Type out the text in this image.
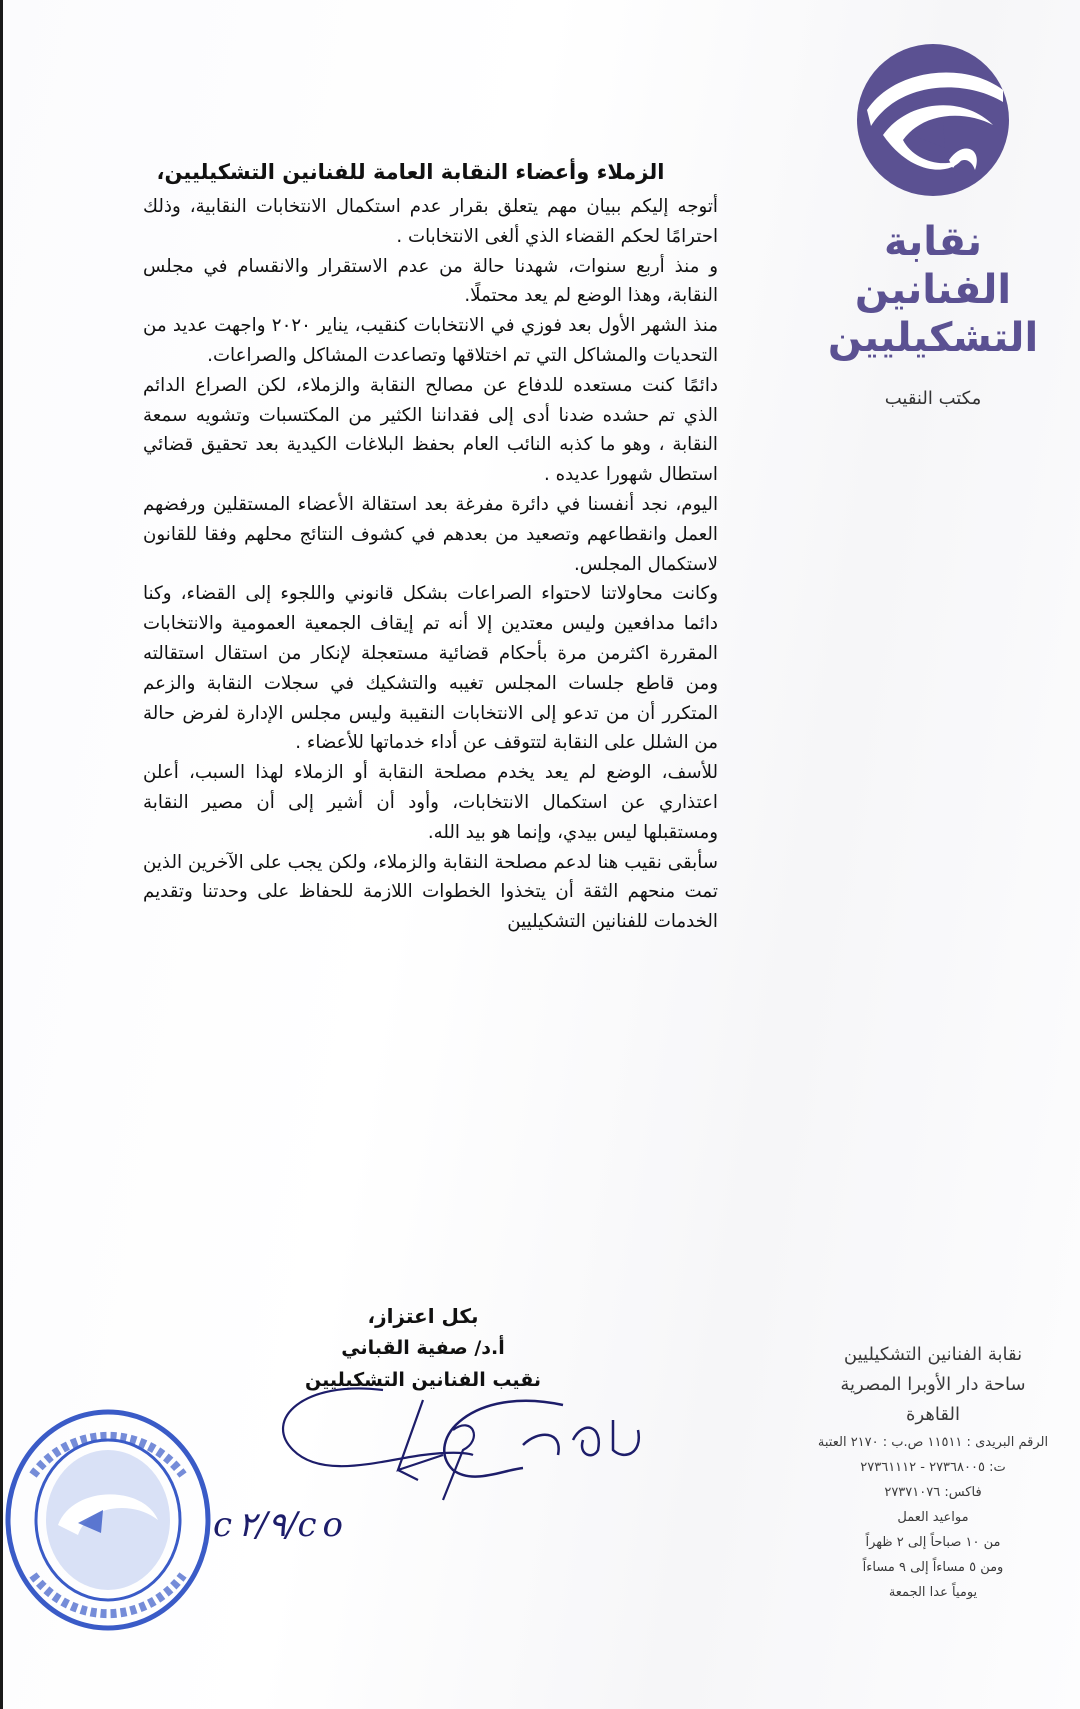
نقابة
الفنانين
التشكيليين
مكتب النقيب

الزملاء وأعضاء النقابة العامة للفنانين التشكيليين،

أتوجه إليكم ببيان مهم يتعلق بقرار عدم استكمال الانتخابات النقابية، وذلك احترامًا لحكم القضاء الذي ألغى الانتخابات .

و منذ أربع سنوات، شهدنا حالة من عدم الاستقرار والانقسام في مجلس النقابة، وهذا الوضع لم يعد محتملًا.

منذ الشهر الأول بعد فوزي في الانتخابات كنقيب، يناير ٢٠٢٠ واجهت عديد من التحديات والمشاكل التي تم اختلاقها وتصاعدت المشاكل والصراعات.

دائمًا كنت مستعده للدفاع عن مصالح النقابة والزملاء، لكن الصراع الدائم الذي تم حشده ضدنا أدى إلى فقداننا الكثير من المكتسبات وتشويه سمعة النقابة ، وهو ما كذبه النائب العام بحفظ البلاغات الكيدية بعد تحقيق قضائي استطال شهورا عديده .

اليوم، نجد أنفسنا في دائرة مفرغة بعد استقالة الأعضاء المستقلين ورفضهم العمل وانقطاعهم وتصعيد من بعدهم في كشوف النتائج محلهم وفقا للقانون لاستكمال المجلس.

وكانت محاولاتنا لاحتواء الصراعات بشكل قانوني واللجوء إلى القضاء، وكنا دائما مدافعين وليس معتدين إلا أنه تم إيقاف الجمعية العمومية والانتخابات المقررة اكثرمن مرة بأحكام قضائية مستعجلة لإنكار من استقال استقالته ومن قاطع جلسات المجلس تغيبه والتشكيك في سجلات النقابة والزعم المتكرر أن من تدعو إلى الانتخابات النقيبة وليس مجلس الإدارة لفرض حالة من الشلل على النقابة لتتوقف عن أداء خدماتها للأعضاء .

للأسف، الوضع لم يعد يخدم مصلحة النقابة أو الزملاء لهذا السبب، أعلن اعتذاري عن استكمال الانتخابات، وأود أن أشير إلى أن مصير النقابة ومستقبلها ليس بيدي، وإنما هو بيد الله.

سأبقى نقيب هنا لدعم مصلحة النقابة والزملاء، ولكن يجب على الآخرين الذين تمت منحهم الثقة أن يتخذوا الخطوات اللازمة للحفاظ على وحدتنا وتقديم الخدمات للفنانين التشكيليين

بكل اعتزاز،
أ.د/ صفية القباني
نقيب الفنانين التشكيليين
c٢/٩/co
نقابة الفنانين التشكيليين
ساحة دار الأوبرا المصرية
القاهرة
الرقم البريدى : ١١٥١١ ص.ب : ٢١٧٠ العتبة
ت: ٢٧٣٦٨٠٠٥ - ٢٧٣٦١١١٢
فاكس: ٢٧٣٧١٠٧٦
مواعيد العمل
من ١٠ صباحاً إلى ٢ ظهراً
ومن ٥ مساءاً إلى ٩ مساءاً
يومياً عدا الجمعة
